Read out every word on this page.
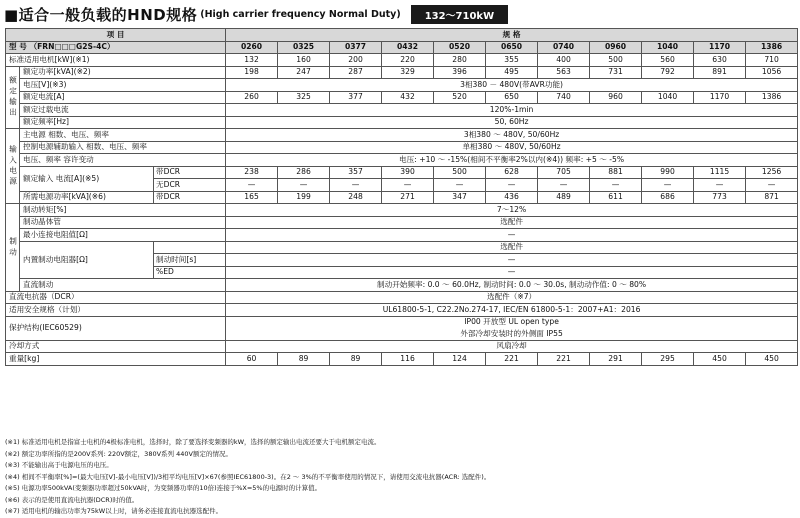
■适合一般负载的HND规格 (High carrier frequency Normal Duty)	132～710kW
项 目			规 格										
型 号 （FRN□□□G2S-4C）			0260	0325	0377	0432	0520	0650	0740	0960	1040	1170	1386
标准适用电机[kW](※1)			132	160	200	220	280	355	400	500	560	630	710
额定输出	额定功率[kVA](※2)		198	247	287	329	396	495	563	731	792	891	1056
	电压[V](※3)		3相380 － 480V(带AVR功能)										
	额定电流[A]		260	325	377	432	520	650	740	960	1040	1170	1386
	额定过载电流		120%-1min										
	额定频率[Hz]		50, 60Hz										
输入电源	主电源 相数、电压、频率		3相380 ～ 480V, 50/60Hz										
	控制电源辅助输入 相数、电压、频率		单相380 ～ 480V, 50/60Hz										
	电压、频率 容许变动		电压: +10 ～ -15%(相间不平衡率2%以内(※4)) 频率: +5 ～ -5%										
	额定输入 电流[A](※5)	带DCR	238	286	357	390	500	628	705	881	990	1115	1256
		无DCR	—	—	—	—	—	—	—	—	—	—	—
	所需电源功率[kVA](※6)	带DCR	165	199	248	271	347	436	489	611	686	773	871
制动	制动转矩[%]		7～12%										
	制动晶体管		选配件										
	最小连接电阻值[Ω]		—										
	内置制动电阻器[Ω]		选配件										
		制动时间[s]	—										
		%ED	—										
	直流制动		制动开始频率: 0.0 ～ 60.0Hz, 制动时间: 0.0 ～ 30.0s, 制动动作值: 0 ～ 80%										
直流电抗器（DCR）			选配件（※7）										
适用安全规格（计划）			UL61800-5-1, C22.2No.274-17, IEC/EN 61800-5-1：2007+A1：2016										
保护结构(IEC60529)			IP00 开放型 UL open type										
			外部冷却安装时的外侧面 IP55										
冷却方式			风扇冷却										
重量[kg]			60	89	89	116	124	221	221	291	295	450	450
(※1) 标准适用电机是指富士电机的4极标准电机，选择时，除了要选择变频器的kW，选择的额定输出电流还要大于电机额定电流。
(※2) 额定功率所指的是200V系列: 220V额定，380V系列 440V额定的情况。
(※3) 不能输出高于电源电压的电压。
(※4) 相间不平衡率[%]=(最大电压[V]-最小电压[V])/3相平均电压[V]×67(参照IEC61800-3)。在2 ～ 3%的不平衡率使用的情况下，请使用交流电抗器(ACR: 选配件)。
(※5) 电源功率500kVA(变频器功率超过50kVA时，为变频器功率的10倍)连接于%X=5%的电源时的计算值。
(※6) 表示的是使用直流电抗器(DCR)时的值。
(※7) 适用电机的输出功率为75kW以上时，请务必连接直流电抗器选配件。
